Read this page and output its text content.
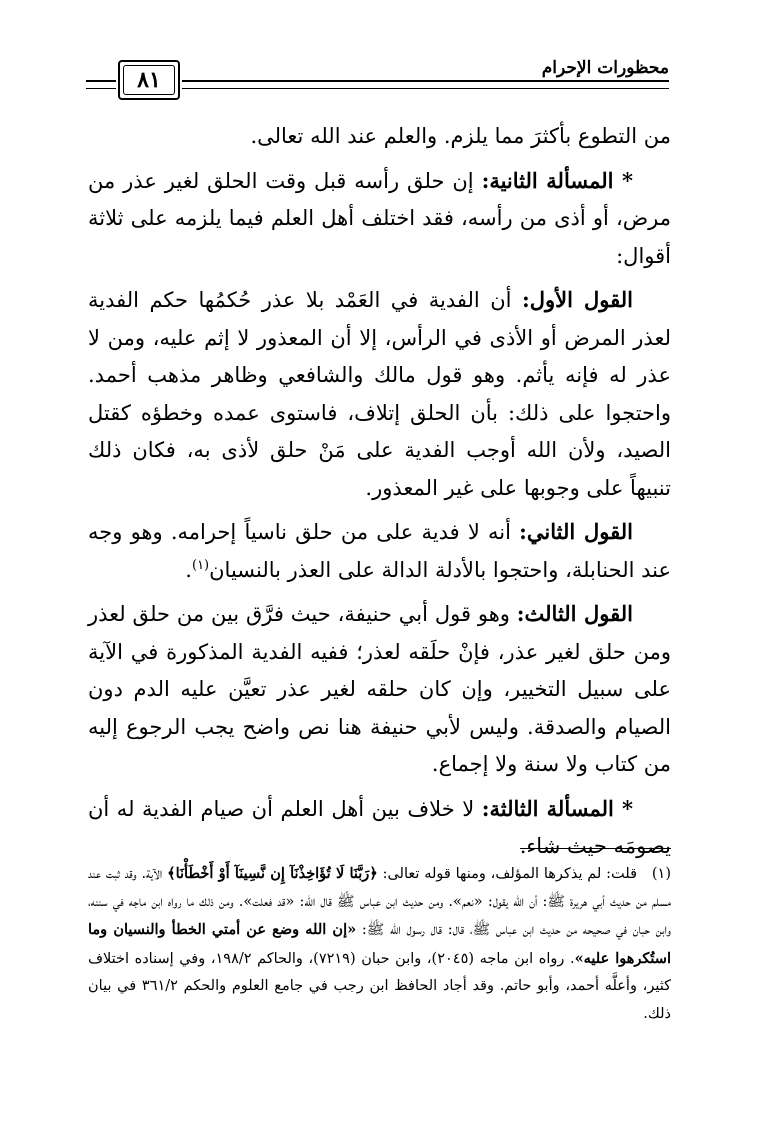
٨١	محظورات الإحرام

من التطوع بأكثرَ مما يلزم. والعلم عند الله تعالى.

* المسألة الثانية: إن حلق رأسه قبل وقت الحلق لغير عذر من مرض، أو أذى من رأسه، فقد اختلف أهل العلم فيما يلزمه على ثلاثة أقوال:

القول الأول: أن الفدية في العَمْد بلا عذر حُكمُها حكم الفدية لعذر المرض أو الأذى في الرأس، إلا أن المعذور لا إثم عليه، ومن لا عذر له فإنه يأثم. وهو قول مالك والشافعي وظاهر مذهب أحمد. واحتجوا على ذلك: بأن الحلق إتلاف، فاستوى عمده وخطؤه كقتل الصيد، ولأن الله أوجب الفدية على مَنْ حلق لأذى به، فكان ذلك تنبيهاً على وجوبها على غير المعذور.

القول الثاني: أنه لا فدية على من حلق ناسياً إحرامه. وهو وجه عند الحنابلة، واحتجوا بالأدلة الدالة على العذر بالنسيان$^{(١)}$.

القول الثالث: وهو قول أبي حنيفة، حيث فرَّق بين من حلق لعذر ومن حلق لغير عذر، فإنْ حلَقه لعذر؛ ففيه الفدية المذكورة في الآية على سبيل التخيير، وإن كان حلقه لغير عذر تعيَّن عليه الدم دون الصيام والصدقة. وليس لأبي حنيفة هنا نص واضح يجب الرجوع إليه من كتاب ولا سنة ولا إجماع.

* المسألة الثالثة: لا خلاف بين أهل العلم أن صيام الفدية له أن يصومَه حيث شاء.

(١)قلت: لم يذكرها المؤلف، ومنها قوله تعالى: ﴿رَبَّنَا لَا تُؤَاخِذْنَآ إِن نَّسِينَآ أَوْ أَخْطَأْنَا﴾ الآية. وقد ثبت عند مسلم من حديث أبي هريرة ﷺ: أن الله يقول: «نعم». ومن حديث ابن عباس ﷺ قال الله: «قد فعلت». ومن ذلك ما رواه ابن ماجه في سننه، وابن حبان في صحيحه من حديث ابن عباس ﷺ، قال: قال رسول الله ﷺ: «إن الله وضع عن أمتي الخطأ والنسيان وما استُكرهوا عليه». رواه ابن ماجه (٢٠٤٥)، وابن حبان (٧٢١٩)، والحاكم ١٩٨/٢، وفي إسناده اختلاف كثير، وأعلَّه أحمد، وأبو حاتم. وقد أجاد الحافظ ابن رجب في جامع العلوم والحكم ٣٦١/٢ في بيان ذلك.
